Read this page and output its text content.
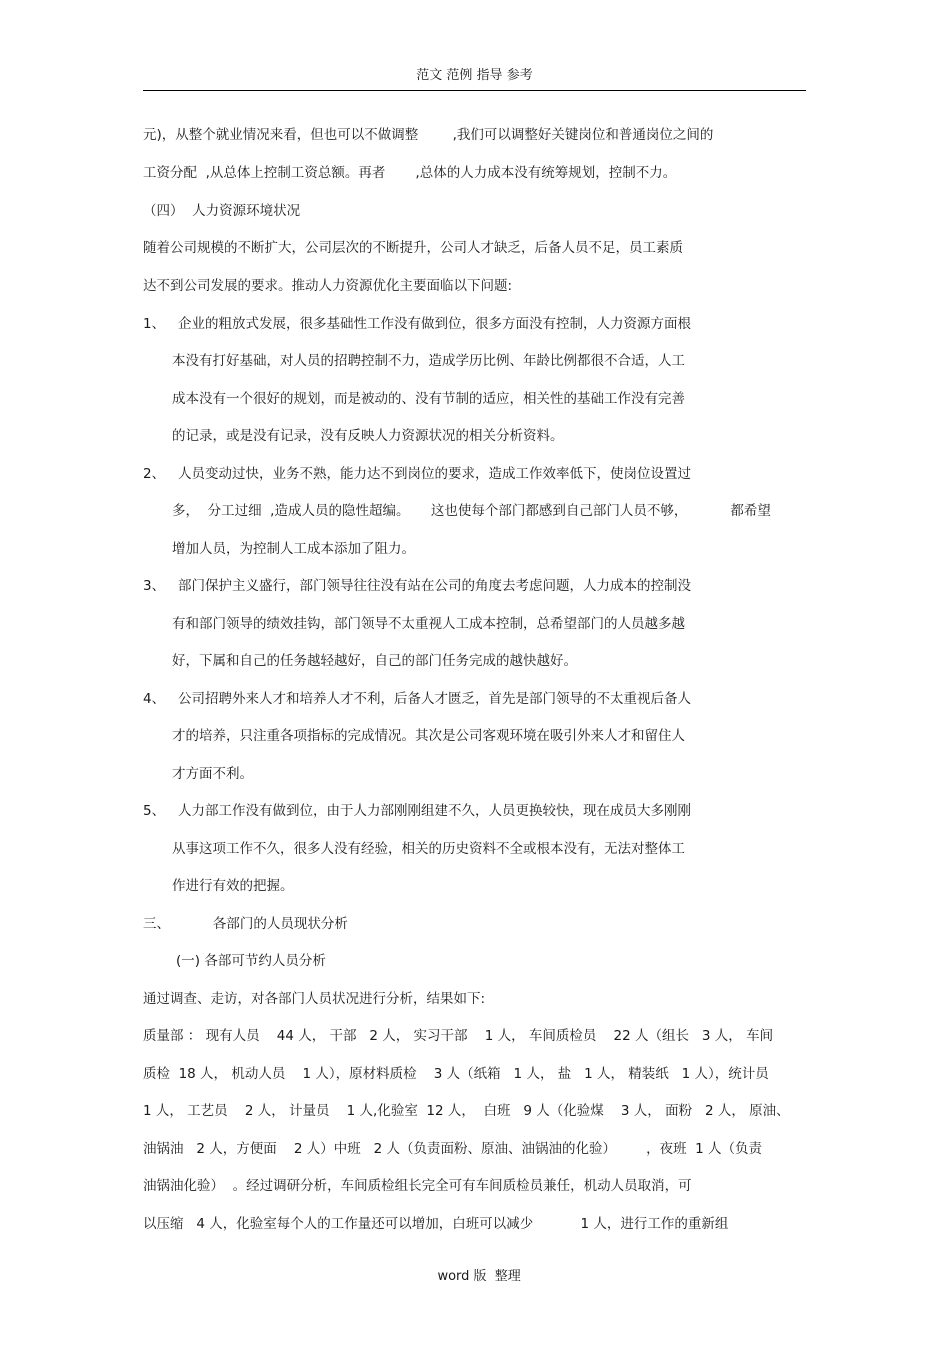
范文 范例 指导 参考
元)，从整个就业情况来看，但也可以不做调整        ,我们可以调整好关键岗位和普通岗位之间的
工资分配  ,从总体上控制工资总额。再者       ,总体的人力成本没有统筹规划，控制不力。
（四）  人力资源环境状况
随着公司规模的不断扩大，公司层次的不断提升，公司人才缺乏，后备人员不足，员工素质
达不到公司发展的要求。推动人力资源优化主要面临以下问题:
1、   企业的粗放式发展，很多基础性工作没有做到位，很多方面没有控制，人力资源方面根
本没有打好基础，对人员的招聘控制不力，造成学历比例、年龄比例都很不合适，人工
成本没有一个很好的规划，而是被动的、没有节制的适应，相关性的基础工作没有完善
的记录，或是没有记录，没有反映人力资源状况的相关分析资料。
2、   人员变动过快，业务不熟，能力达不到岗位的要求，造成工作效率低下，使岗位设置过
多，  分工过细  ,造成人员的隐性超编。     这也使每个部门都感到自己部门人员不够，          都希望
增加人员，为控制人工成本添加了阻力。
3、   部门保护主义盛行，部门领导往往没有站在公司的角度去考虑问题，人力成本的控制没
有和部门领导的绩效挂钩，部门领导不太重视人工成本控制，总希望部门的人员越多越
好，下属和自己的任务越轻越好，自己的部门任务完成的越快越好。
4、   公司招聘外来人才和培养人才不利，后备人才匮乏，首先是部门领导的不太重视后备人
才的培养，只注重各项指标的完成情况。其次是公司客观环境在吸引外来人才和留住人
才方面不利。
5、   人力部工作没有做到位，由于人力部刚刚组建不久，人员更换较快，现在成员大多刚刚
从事这项工作不久，很多人没有经验，相关的历史资料不全或根本没有，无法对整体工
作进行有效的把握。
三、          各部门的人员现状分析
(一) 各部可节约人员分析
通过调查、走访，对各部门人员状况进行分析，结果如下:
质量部 ： 现有人员    44 人， 干部   2 人， 实习干部    1 人， 车间质检员    22 人（组长   3 人， 车间
质检  18 人， 机动人员    1 人），原材料质检    3 人（纸箱   1 人， 盐   1 人， 精装纸   1 人），统计员
1 人， 工艺员    2 人， 计量员    1 人,化验室  12 人，  白班   9 人（化验煤    3 人， 面粉   2 人， 原油、
油锅油   2 人，方便面    2 人）中班   2 人（负责面粉、原油、油锅油的化验）       ，夜班  1 人（负责
油锅油化验）  。经过调研分析，车间质检组长完全可有车间质检员兼任，机动人员取消，可
以压缩   4 人，化验室每个人的工作量还可以增加，白班可以减少           1 人，进行工作的重新组

word 版  整理
